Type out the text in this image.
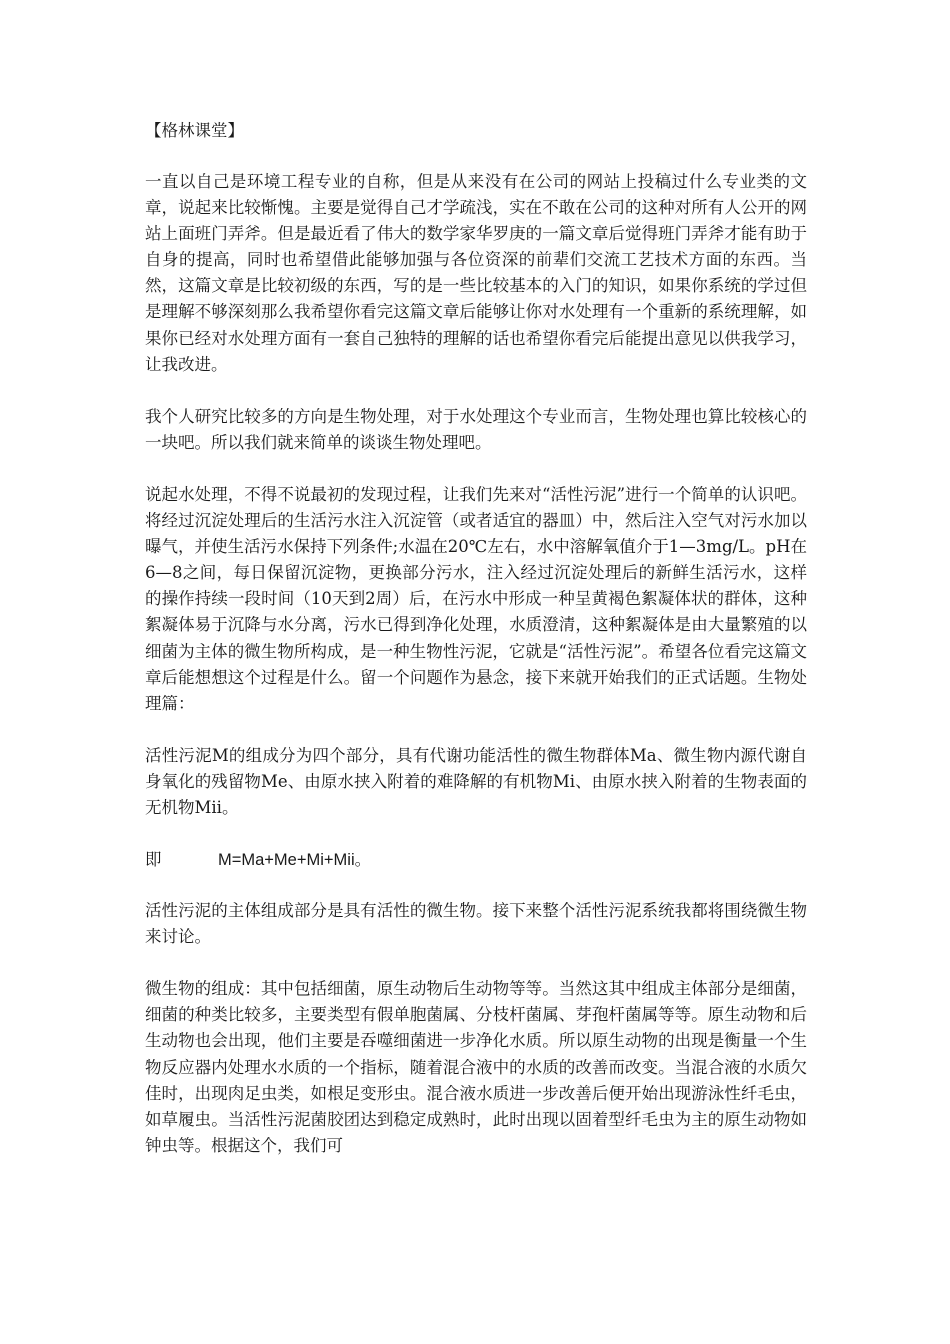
【格林课堂】

一直以自己是环境工程专业的自称，但是从来没有在公司的网站上投稿过什么专业类的文章，说起来比较惭愧。主要是觉得自己才学疏浅，实在不敢在公司的这种对所有人公开的网站上面班门弄斧。但是最近看了伟大的数学家华罗庚的一篇文章后觉得班门弄斧才能有助于自身的提高，同时也希望借此能够加强与各位资深的前辈们交流工艺技术方面的东西。当然，这篇文章是比较初级的东西，写的是一些比较基本的入门的知识，如果你系统的学过但是理解不够深刻那么我希望你看完这篇文章后能够让你对水处理有一个重新的系统理解，如果你已经对水处理方面有一套自己独特的理解的话也希望你看完后能提出意见以供我学习，让我改进。

我个人研究比较多的方向是生物处理，对于水处理这个专业而言，生物处理也算比较核心的一块吧。所以我们就来简单的谈谈生物处理吧。

说起水处理，不得不说最初的发现过程，让我们先来对“活性污泥”进行一个简单的认识吧。将经过沉淀处理后的生活污水注入沉淀管（或者适宜的器皿）中，然后注入空气对污水加以曝气，并使生活污水保持下列条件;水温在20℃左右，水中溶解氧值介于1—3mg/L。pH在6—8之间，每日保留沉淀物，更换部分污水，注入经过沉淀处理后的新鲜生活污水，这样的操作持续一段时间（10天到2周）后，在污水中形成一种呈黄褐色絮凝体状的群体，这种絮凝体易于沉降与水分离，污水已得到净化处理，水质澄清，这种絮凝体是由大量繁殖的以细菌为主体的微生物所构成，是一种生物性污泥，它就是“活性污泥”。希望各位看完这篇文章后能想想这个过程是什么。留一个问题作为悬念，接下来就开始我们的正式话题。生物处理篇：

活性污泥M的组成分为四个部分，具有代谢功能活性的微生物群体Ma、微生物内源代谢自身氧化的残留物Me、由原水挟入附着的难降解的有机物Mi、由原水挟入附着的生物表面的无机物Mii。

即	M=Ma+Me+Mi+Mii。

活性污泥的主体组成部分是具有活性的微生物。接下来整个活性污泥系统我都将围绕微生物来讨论。

微生物的组成：其中包括细菌，原生动物后生动物等等。当然这其中组成主体部分是细菌，细菌的种类比较多，主要类型有假单胞菌属、分枝杆菌属、芽孢杆菌属等等。原生动物和后生动物也会出现，他们主要是吞噬细菌进一步净化水质。所以原生动物的出现是衡量一个生物反应器内处理水水质的一个指标，随着混合液中的水质的改善而改变。当混合液的水质欠佳时，出现肉足虫类，如根足变形虫。混合液水质进一步改善后便开始出现游泳性纤毛虫，如草履虫。当活性污泥菌胶团达到稳定成熟时，此时出现以固着型纤毛虫为主的原生动物如钟虫等。根据这个，我们可
